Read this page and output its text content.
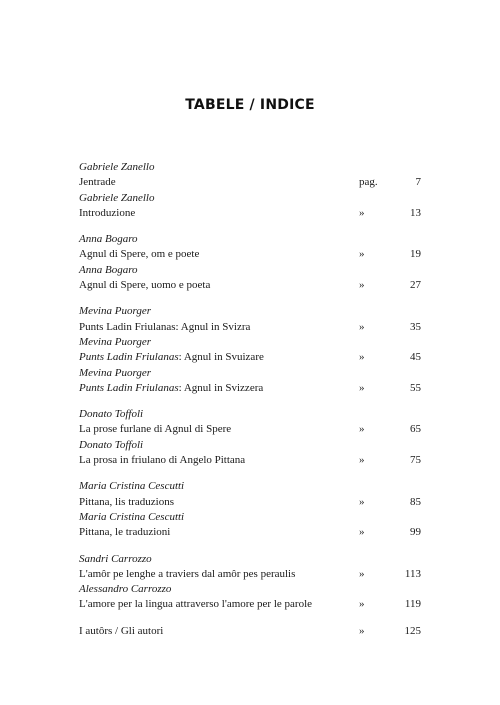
TABELE / INDICE
Gabriele Zanello
Jentrade	pag.	7
Gabriele Zanello
Introduzione	»	13
Anna Bogaro
Agnul di Spere, om e poete	»	19
Anna Bogaro
Agnul di Spere, uomo e poeta	»	27
Mevina Puorger
Punts Ladin Friulanas: Agnul in Svizra	»	35
Mevina Puorger
Punts Ladin Friulanas: Agnul in Svuizare	»	45
Mevina Puorger
Punts Ladin Friulanas: Agnul in Svizzera	»	55
Donato Toffoli
La prose furlane di Agnul di Spere	»	65
Donato Toffoli
La prosa in friulano di Angelo Pittana	»	75
Maria Cristina Cescutti
Pittana, lis traduzions	»	85
Maria Cristina Cescutti
Pittana, le traduzioni	»	99
Sandri Carrozzo
L'amôr pe lenghe a traviers dal amôr pes peraulis	»	113
Alessandro Carrozzo
L'amore per la lingua attraverso l'amore per le parole	»	119
I autôrs / Gli autori	»	125
